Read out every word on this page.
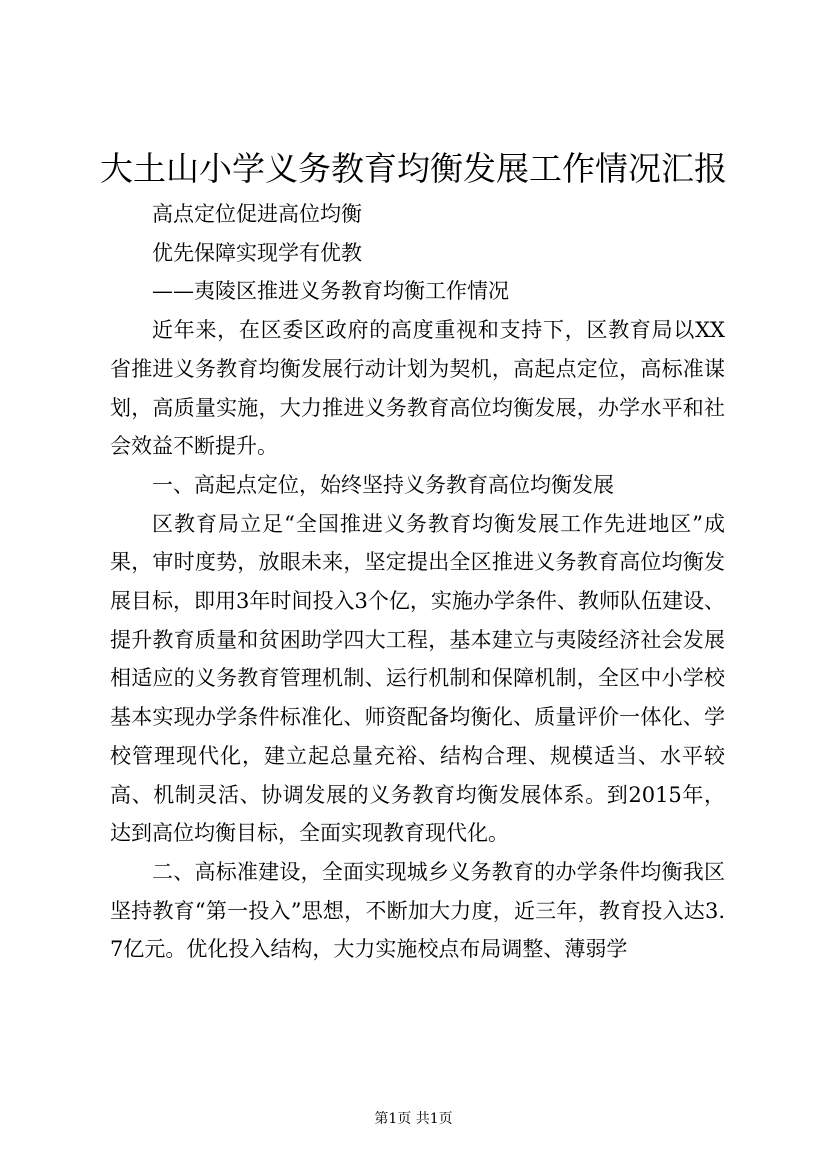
大土山小学义务教育均衡发展工作情况汇报

高点定位促进高位均衡

优先保障实现学有优教

——夷陵区推进义务教育均衡工作情况

近年来，在区委区政府的高度重视和支持下，区教育局以XX省推进义务教育均衡发展行动计划为契机，高起点定位，高标准谋划，高质量实施，大力推进义务教育高位均衡发展，办学水平和社会效益不断提升。

一、高起点定位，始终坚持义务教育高位均衡发展

区教育局立足“全国推进义务教育均衡发展工作先进地区”成果，审时度势，放眼未来，坚定提出全区推进义务教育高位均衡发展目标，即用3年时间投入3个亿，实施办学条件、教师队伍建设、提升教育质量和贫困助学四大工程，基本建立与夷陵经济社会发展相适应的义务教育管理机制、运行机制和保障机制，全区中小学校基本实现办学条件标准化、师资配备均衡化、质量评价一体化、学校管理现代化，建立起总量充裕、结构合理、规模适当、水平较高、机制灵活、协调发展的义务教育均衡发展体系。到2015年，达到高位均衡目标，全面实现教育现代化。

二、高标准建设，全面实现城乡义务教育的办学条件均衡我区坚持教育“第一投入”思想，不断加大力度，近三年，教育投入达3.7亿元。优化投入结构，大力实施校点布局调整、薄弱学

第1页 共1页
